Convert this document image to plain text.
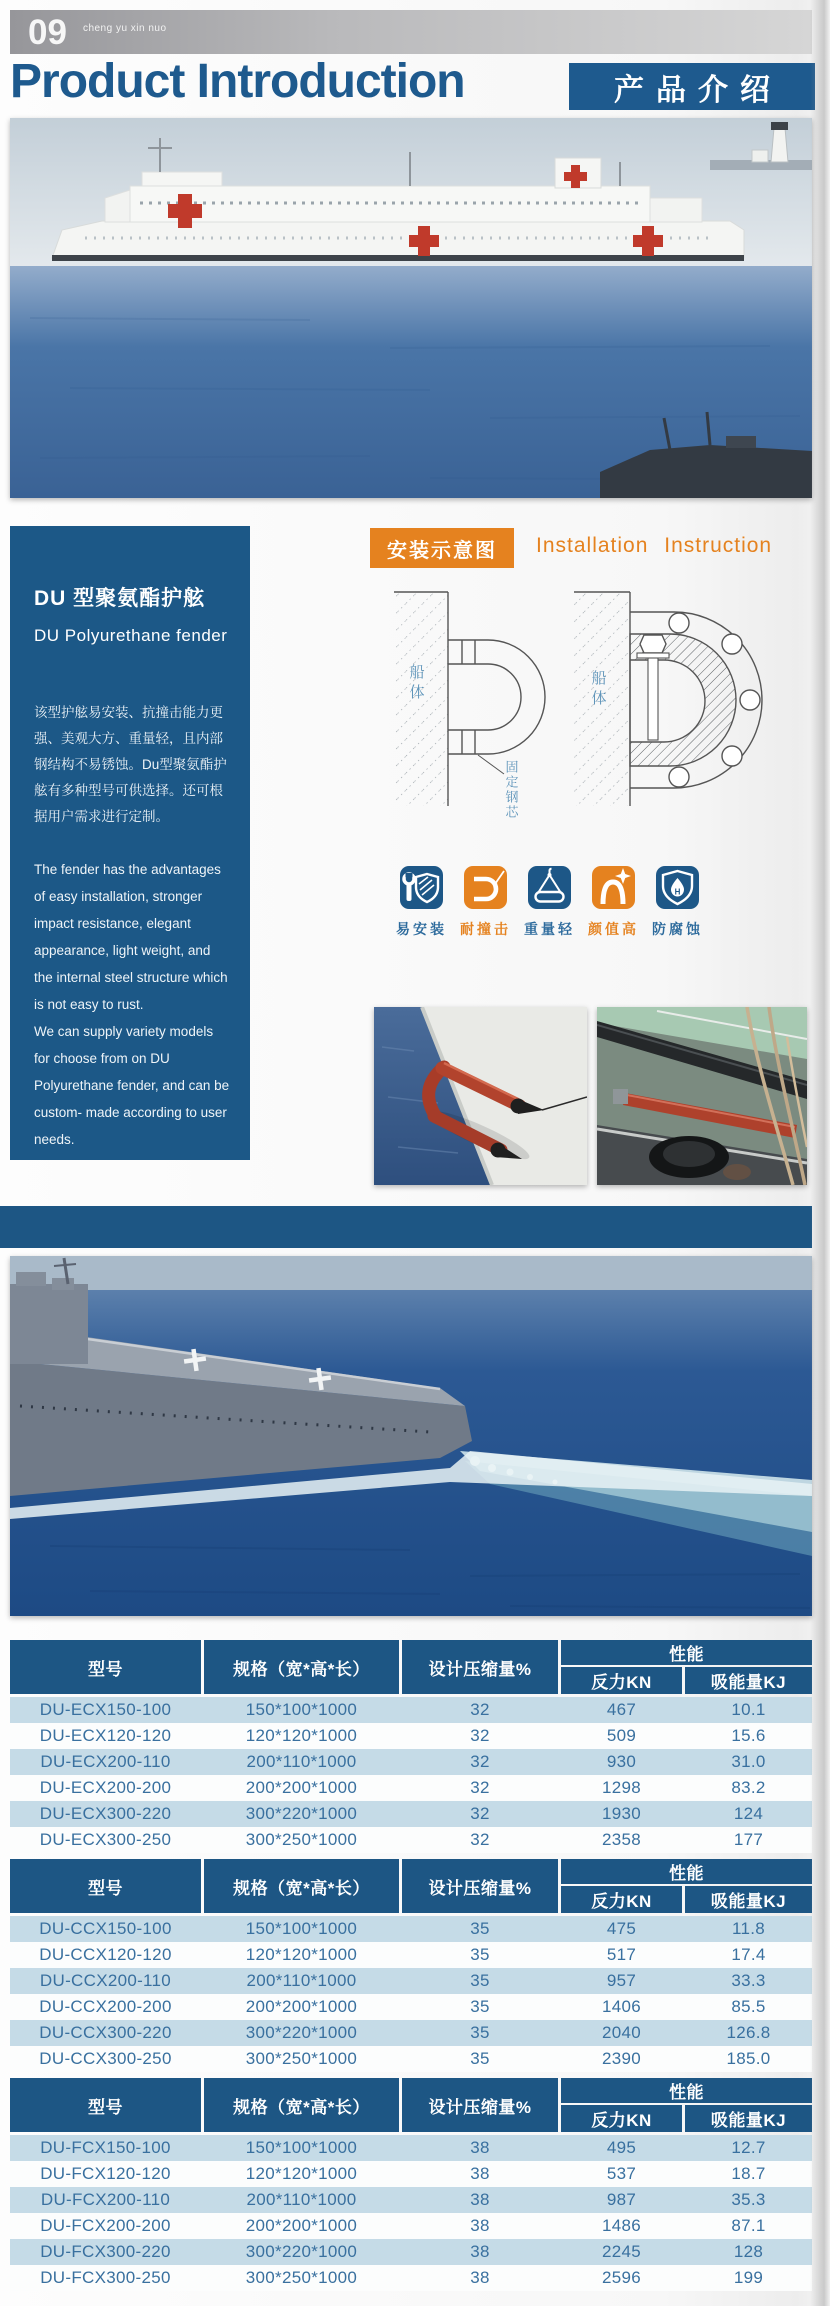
09 cheng yu xin nuo
Product Introduction	产品介绍
DU 型聚氨酯护舷
DU Polyurethane fender

该型护舷易安装、抗撞击能力更强、美观大方、重量轻，且内部钢结构不易锈蚀。Du型聚氨酯护舷有多种型号可供选择。还可根据用户需求进行定制。

The fender has the advantages of easy installation, stronger impact resistance, elegant appearance, light weight, and the internal steel structure which is not easy to rust.

We can supply variety models for choose from on DU Polyurethane fender, and can be custom- made according to user needs.

安装示意图	Installation Instruction
船体
固定钢芯
船体
易安装 耐撞击 重量轻 颜值高
H
防腐蚀
型号	规格（宽*高*长）	设计压缩量%
性能
反力KN	吸能量KJ
DU-ECX150-100	150*100*1000	32	467	10.1
DU-ECX120-120	120*120*1000	32	509	15.6
DU-ECX200-110	200*110*1000	32	930	31.0
DU-ECX200-200	200*200*1000	32	1298	83.2
DU-ECX300-220	300*220*1000	32	1930	124
DU-ECX300-250	300*250*1000	32	2358	177
型号	规格（宽*高*长）	设计压缩量%
性能
反力KN	吸能量KJ
DU-CCX150-100	150*100*1000	35	475	11.8
DU-CCX120-120	120*120*1000	35	517	17.4
DU-CCX200-110	200*110*1000	35	957	33.3
DU-CCX200-200	200*200*1000	35	1406	85.5
DU-CCX300-220	300*220*1000	35	2040	126.8
DU-CCX300-250	300*250*1000	35	2390	185.0
型号	规格（宽*高*长）	设计压缩量%
性能
反力KN	吸能量KJ
DU-FCX150-100	150*100*1000	38	495	12.7
DU-FCX120-120	120*120*1000	38	537	18.7
DU-FCX200-110	200*110*1000	38	987	35.3
DU-FCX200-200	200*200*1000	38	1486	87.1
DU-FCX300-220	300*220*1000	38	2245	128
DU-FCX300-250	300*250*1000	38	2596	199
